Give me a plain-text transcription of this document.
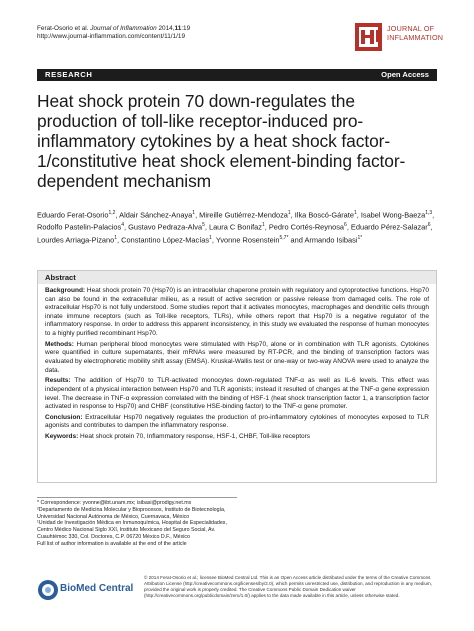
Ferat-Osorio et al. Journal of Inflammation 2014,11:19
http://www.journal-inflammation.com/content/11/1/19
JOURNAL OF
INFLAMMATION
RESEARCH	Open Access
Heat shock protein 70 down-regulates the production of toll-like receptor-induced pro-inflammatory cytokines by a heat shock factor-1/constitutive heat shock element-binding factor-dependent mechanism
Eduardo Ferat-Osorio$^{1,2}$, Aldair Sánchez-Anaya$^1$, Mireille Gutiérrez-Mendoza$^1$, Ilka Boscó-Gárate$^1$, Isabel Wong-Baeza$^{1,3}$, Rodolfo Pastelin-Palacios$^4$, Gustavo Pedraza-Alva$^5$, Laura C Bonifaz$^1$, Pedro Cortés-Reynosa$^6$, Eduardo Pérez-Salazar$^6$, Lourdes Arriaga-Pizano$^1$, Constantino López-Macías$^1$, Yvonne Rosenstein$^{5,7*}$ and Armando Isibasi$^{1*}$
Abstract

Background: Heat shock protein 70 (Hsp70) is an intracellular chaperone protein with regulatory and cytoprotective functions. Hsp70 can also be found in the extracellular milieu, as a result of active secretion or passive release from damaged cells. The role of extracellular Hsp70 is not fully understood. Some studies report that it activates monocytes, macrophages and dendritic cells through innate immune receptors (such as Toll-like receptors, TLRs), while others report that Hsp70 is a negative regulator of the inflammatory response. In order to address this apparent inconsistency, in this study we evaluated the response of human monocytes to a highly purified recombinant Hsp70.

Methods: Human peripheral blood monocytes were stimulated with Hsp70, alone or in combination with TLR agonists. Cytokines were quantified in culture supernatants, their mRNAs were measured by RT-PCR, and the binding of transcription factors was evaluated by electrophoretic mobility shift assay (EMSA). Kruskal-Wallis test or one-way or two-way ANOVA were used to analyze the data.

Results: The addition of Hsp70 to TLR-activated monocytes down-regulated TNF-α as well as IL-6 levels. This effect was independent of a physical interaction between Hsp70 and TLR agonists; instead it resulted of changes at the TNF-α gene expression level. The decrease in TNF-α expression correlated with the binding of HSF-1 (heat shock transcription factor 1, a transcription factor activated in response to Hsp70) and CHBF (constitutive HSE-binding factor) to the TNF-α gene promoter.

Conclusion: Extracellular Hsp70 negatively regulates the production of pro-inflammatory cytokines of monocytes exposed to TLR agonists and contributes to dampen the inflammatory response.

Keywords: Heat shock protein 70, Inflammatory response, HSF-1, CHBF, Toll-like receptors

* Correspondence: yvonne@ibt.unam.mx; isibasi@prodigy.net.mx
²Departamento de Medicina Molecular y Bioprocesos, Instituto de Biotecnología, Universidad Nacional Autónoma de México, Cuernavaca, México
¹Unidad de Investigación Médica en Inmunoquímica, Hospital de Especialidades, Centro Médico Nacional Siglo XXI, Instituto Mexicano del Seguro Social, Av. Cuauhtémoc 330, Col. Doctores, C.P. 06720 México D.F., México
Full list of author information is available at the end of the article
BioMed Central
© 2014 Ferat-Osorio et al.; licensee BioMed Central Ltd. This is an Open Access article distributed under the terms of the Creative Commons Attribution License (http://creativecommons.org/licenses/by/2.0), which permits unrestricted use, distribution, and reproduction in any medium, provided the original work is properly credited. The Creative Commons Public Domain Dedication waiver (http://creativecommons.org/publicdomain/zero/1.0/) applies to the data made available in this article, unless otherwise stated.
